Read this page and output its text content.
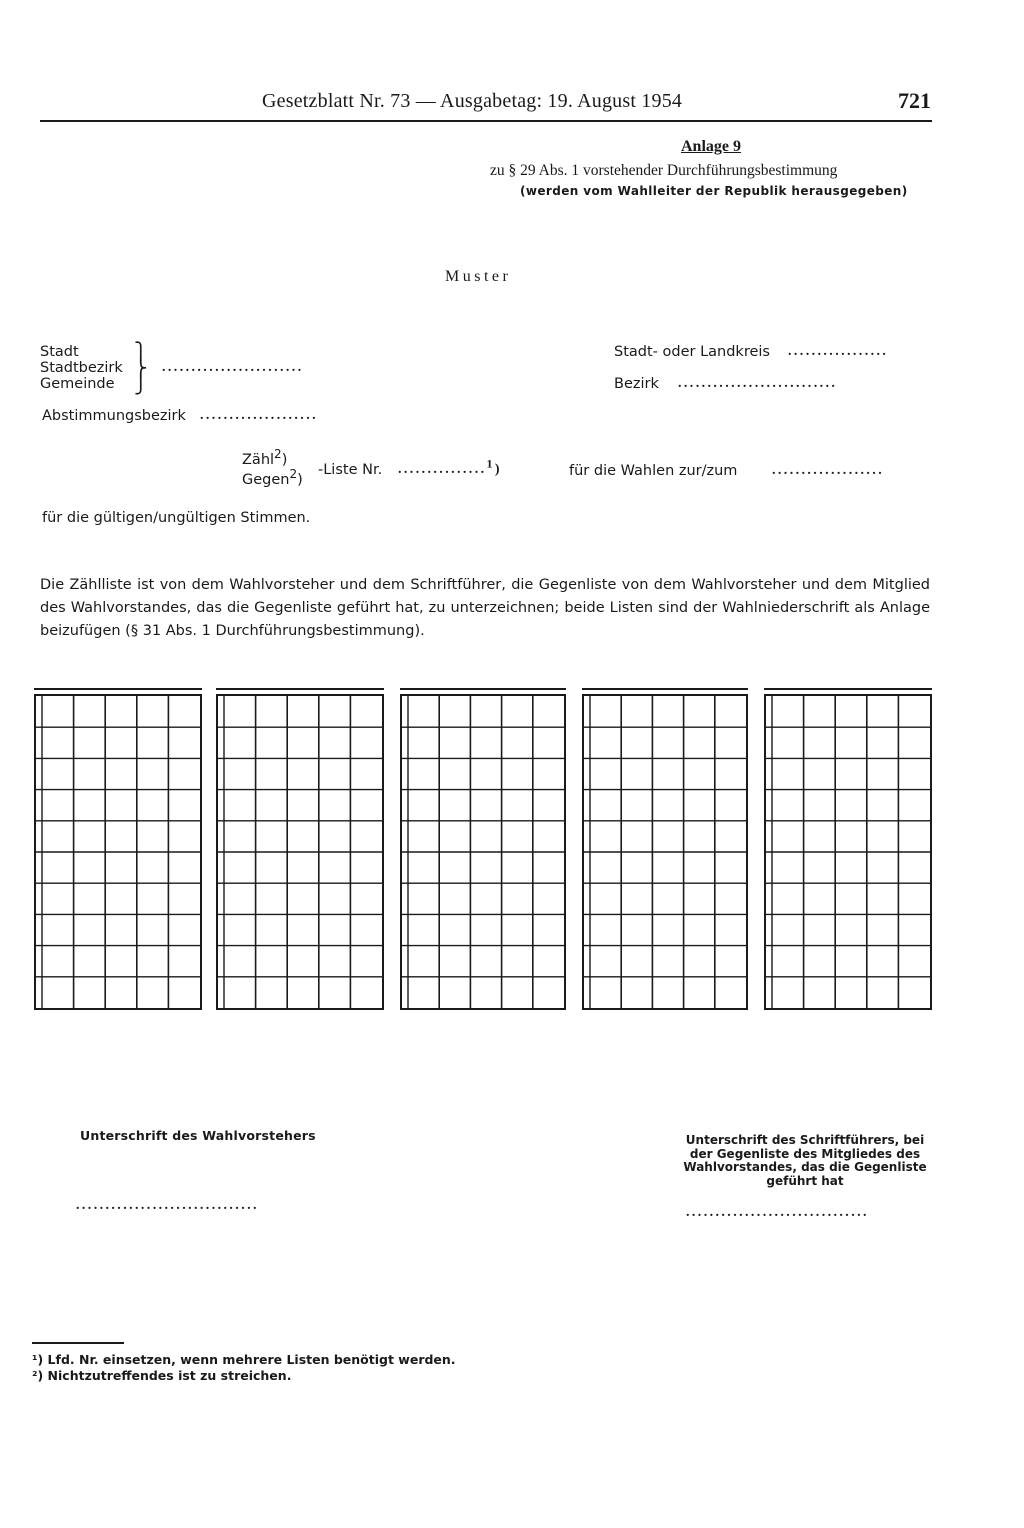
Gesetzblatt Nr. 73 — Ausgabetag: 19. August 1954	721
Anlage 9
zu § 29 Abs. 1 vorstehender Durchführungsbestimmung
(werden vom Wahlleiter der Republik herausgegeben)
Muster
Stadt
Stadtbezirk
Gemeinde
⎫
⎬
⎭
........................
Abstimmungsbezirk ....................
Stadt- oder Landkreis .................
Bezirk ...........................
Zähl$^2$)
Gegen$^2$)
-Liste Nr. ...............1)	für die Wahlen zur/zum ...................
für die gültigen/ungültigen Stimmen.
Die Zählliste ist von dem Wahlvorsteher und dem Schriftführer, die Gegenliste von dem Wahlvorsteher und dem Mitglied des Wahlvorstandes, das die Gegenliste geführt hat, zu unterzeichnen; beide Listen sind der Wahlniederschrift als Anlage beizufügen (§ 31 Abs. 1 Durchführungsbestimmung).
Unterschrift des Wahlvorstehers	Unterschrift des Schriftführers, bei der Gegenliste des Mitgliedes des Wahlvorstandes, das die Gegenliste geführt hat
...............................	...............................
¹) Lfd. Nr. einsetzen, wenn mehrere Listen benötigt werden.
²) Nichtzutreffendes ist zu streichen.
